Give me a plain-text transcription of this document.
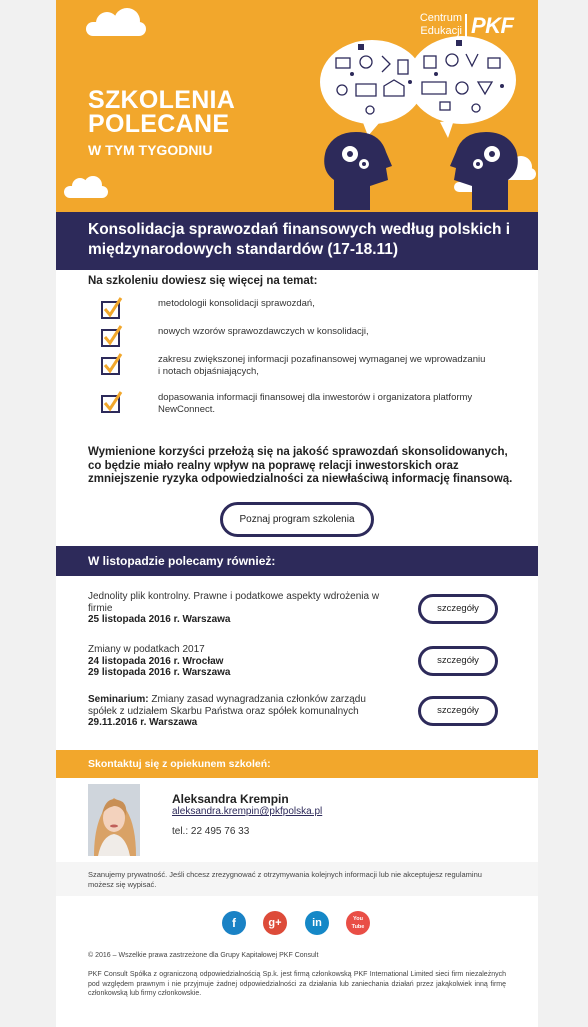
Centrum
Edukacji PKF
SZKOLENIA
POLECANE
W TYM TYGODNIU
Konsolidacja sprawozdań finansowych według polskich i międzynarodowych standardów (17-18.11)
Na szkoleniu dowiesz się więcej na temat:
metodologii konsolidacji sprawozdań,
nowych wzorów sprawozdawczych w konsolidacji,
zakresu zwiększonej informacji pozafinansowej wymaganej we wprowadzaniu i notach objaśniających,
dopasowania informacji finansowej dla inwestorów i organizatora platformy NewConnect.
Wymienione korzyści przełożą się na jakość sprawozdań skonsolidowanych, co będzie miało realny wpływ na poprawę relacji inwestorskich oraz zmniejszenie ryzyka odpowiedzialności za niewłaściwą informację finansową.
Poznaj program szkolenia
W listopadzie polecamy również:
Jednolity plik kontrolny. Prawne i podatkowe aspekty wdrożenia w firmie
25 listopada 2016 r. Warszawa
szczegóły
Zmiany w podatkach 2017
24 listopada 2016 r. Wrocław
29 listopada 2016 r. Warszawa
szczegóły
Seminarium: Zmiany zasad wynagradzania członków zarządu spółek z udziałem Skarbu Państwa oraz spółek komunalnych
29.11.2016 r. Warszawa
szczegóły
Skontaktuj się z opiekunem szkoleń:
Aleksandra Krempin
aleksandra.krempin@pkfpolska.pl
tel.: 22 495 76 33
Szanujemy prywatność. Jeśli chcesz zrezygnować z otrzymywania kolejnych informacji lub nie akceptujesz regulaminu możesz się wypisać.
f	g+	in	You Tube
© 2016 – Wszelkie prawa zastrzeżone dla Grupy Kapitałowej PKF Consult
PKF Consult Spółka z ograniczoną odpowiedzialnością Sp.k. jest firmą członkowską PKF International Limited sieci firm niezależnych pod względem prawnym i nie przyjmuje żadnej odpowiedzialności za działania lub zaniechania działań przez jakąkolwiek inną firmę członkowską lub firmy członkowskie.
